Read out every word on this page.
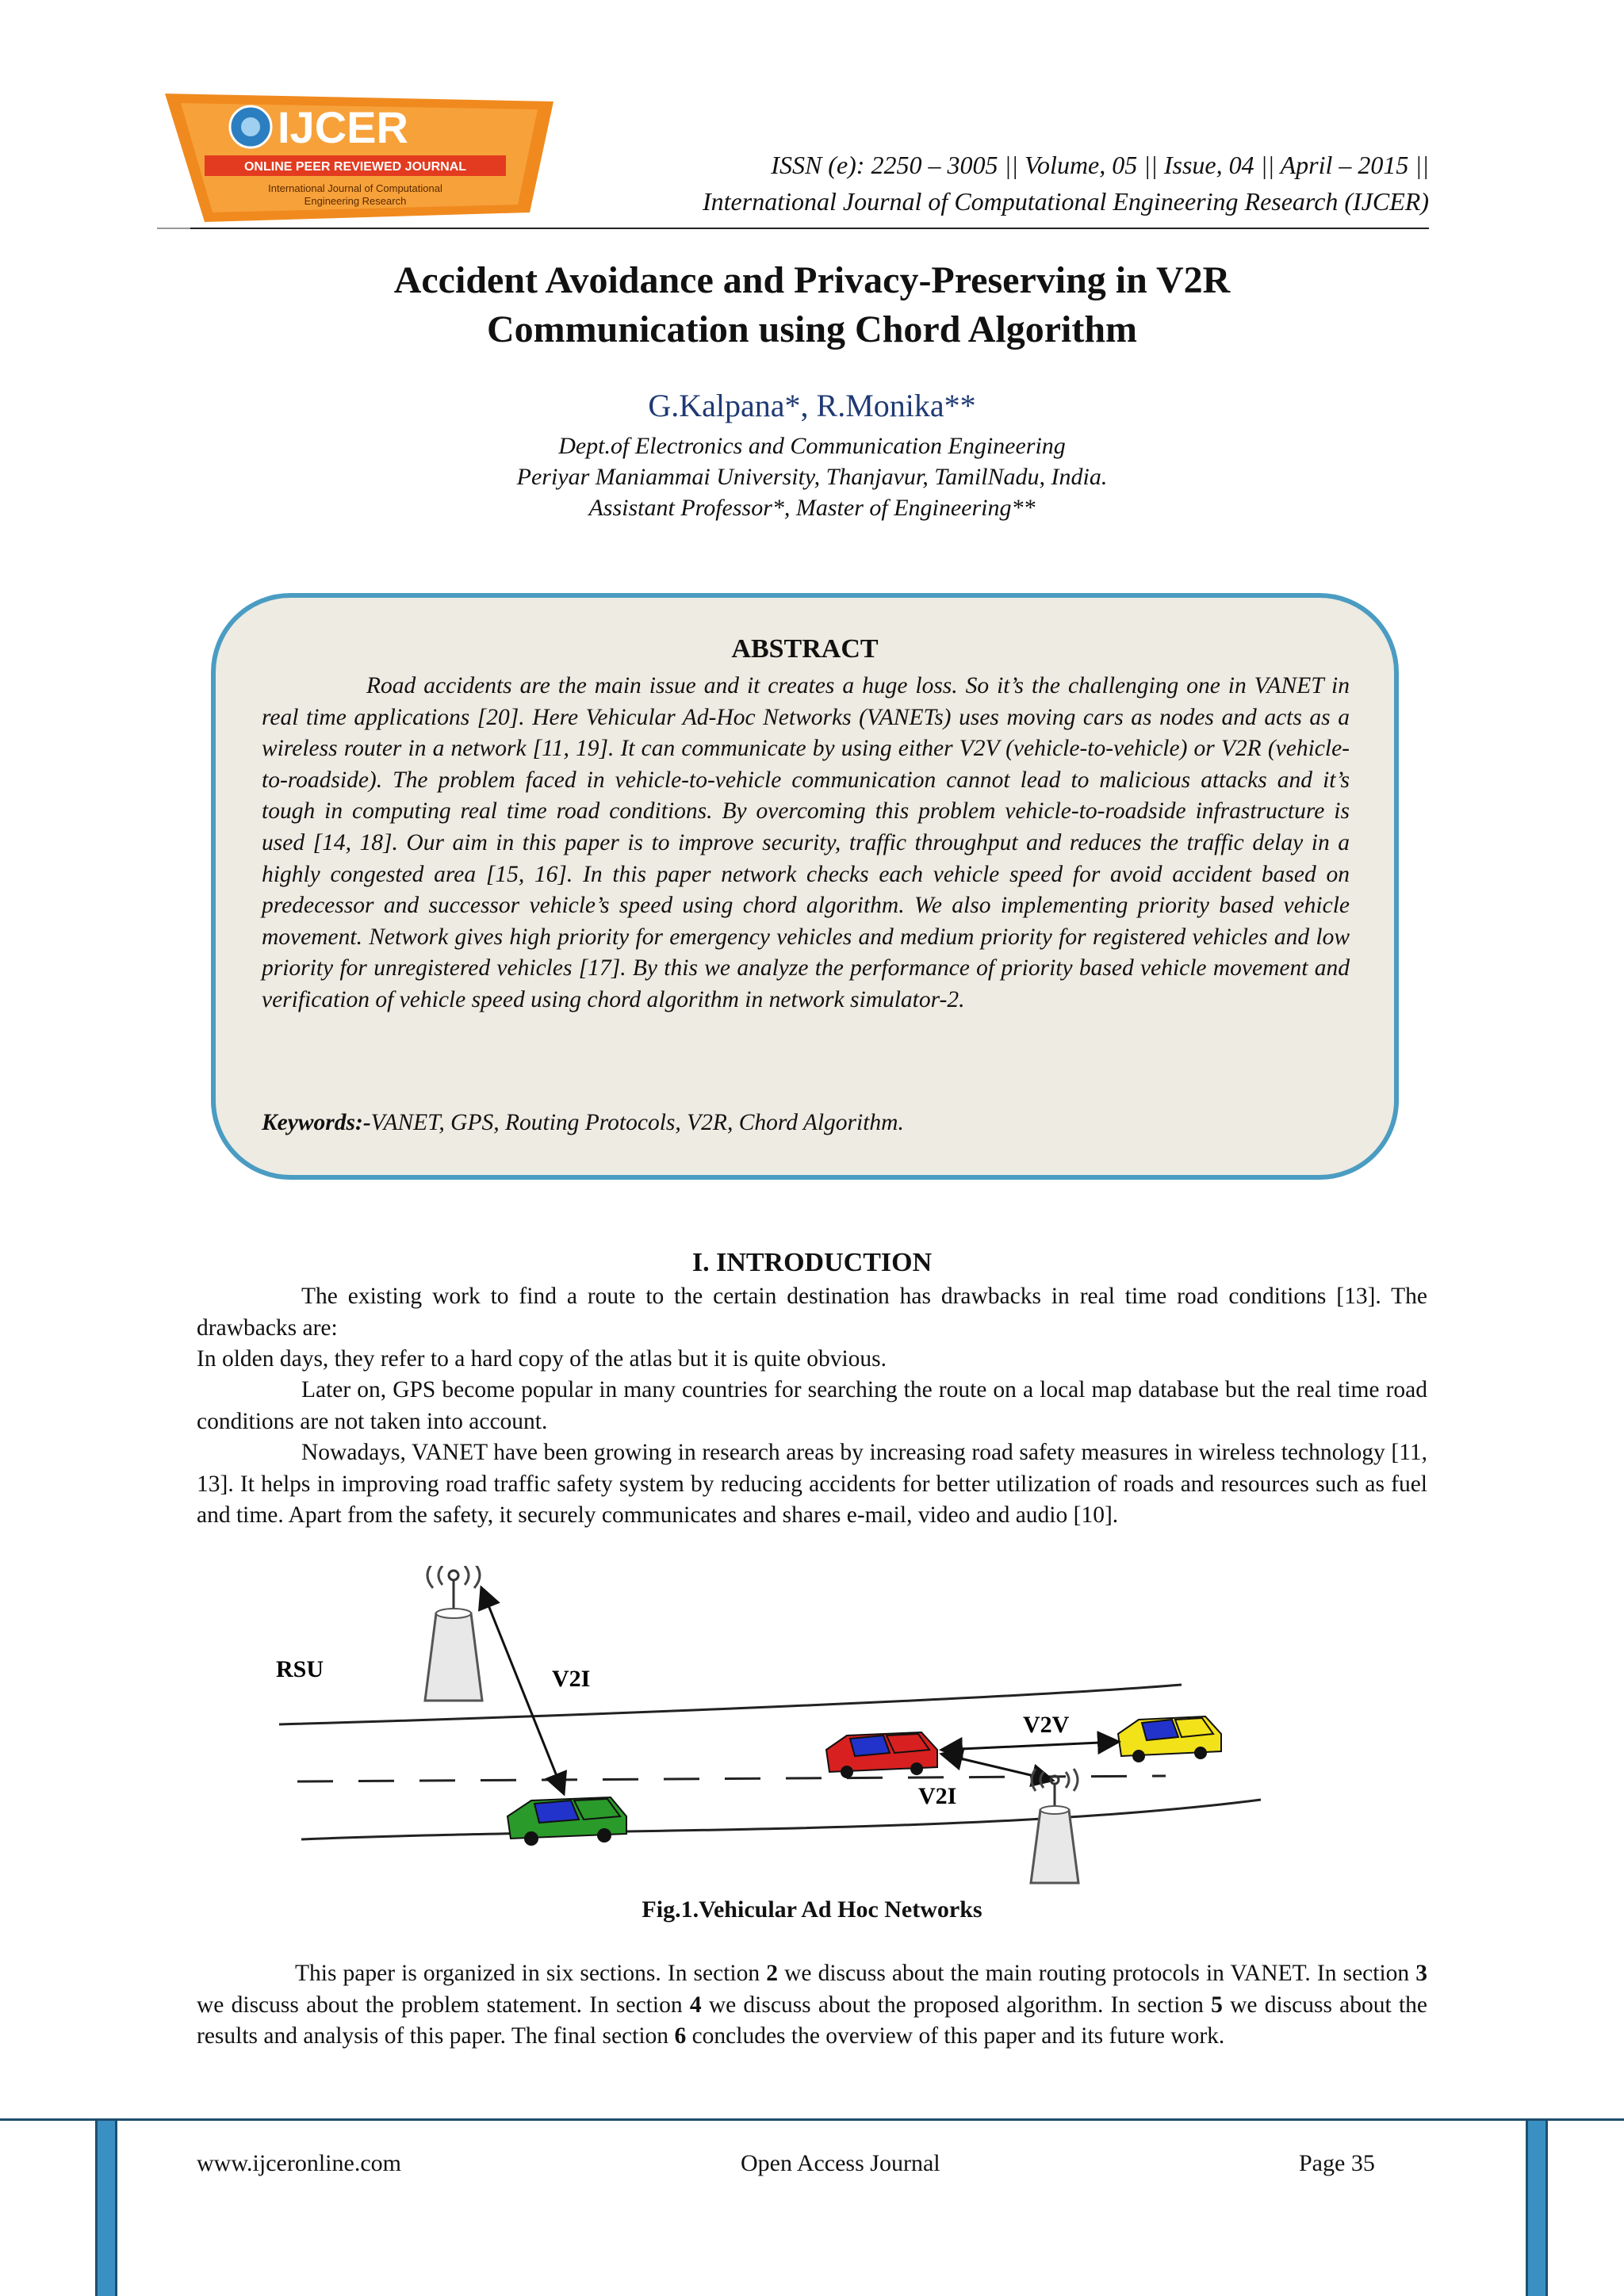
IJCER
ONLINE PEER REVIEWED JOURNAL
International Journal of Computational
Engineering Research
ISSN (e): 2250 – 3005 || Volume, 05 || Issue, 04 || April – 2015 ||
International Journal of Computational Engineering Research (IJCER)
Accident Avoidance and Privacy-Preserving in V2R
Communication using Chord Algorithm
G.Kalpana*, R.Monika**
Dept.of Electronics and Communication Engineering
Periyar Maniammai University, Thanjavur, TamilNadu, India.
Assistant Professor*, Master of Engineering**
ABSTRACT
Road accidents are the main issue and it creates a huge loss. So it’s the challenging one in VANET in real time applications [20]. Here Vehicular Ad-Hoc Networks (VANETs) uses moving cars as nodes and acts as a wireless router in a network [11, 19]. It can communicate by using either V2V (vehicle-to-vehicle) or V2R (vehicle-to-roadside). The problem faced in vehicle-to-vehicle communication cannot lead to malicious attacks and it’s tough in computing real time road conditions. By overcoming this problem vehicle-to-roadside infrastructure is used [14, 18]. Our aim in this paper is to improve security, traffic throughput and reduces the traffic delay in a highly congested area [15, 16]. In this paper network checks each vehicle speed for avoid accident based on predecessor and successor vehicle’s speed using chord algorithm. We also implementing priority based vehicle movement. Network gives high priority for emergency vehicles and medium priority for registered vehicles and low priority for unregistered vehicles [17]. By this we analyze the performance of priority based vehicle movement and verification of vehicle speed using chord algorithm in network simulator-2.
Keywords:-VANET, GPS, Routing Protocols, V2R, Chord Algorithm.
I. INTRODUCTION
The existing work to find a route to the certain destination has drawbacks in real time road conditions [13]. The drawbacks are:
In olden days, they refer to a hard copy of the atlas but it is quite obvious.
Later on, GPS become popular in many countries for searching the route on a local map database but the real time road conditions are not taken into account.
Nowadays, VANET have been growing in research areas by increasing road safety measures in wireless technology [11, 13]. It helps in improving road traffic safety system by reducing accidents for better utilization of roads and resources such as fuel and time. Apart from the safety, it securely communicates and shares e-mail, video and audio [10].
RSU	V2I
V2V
V2I
Fig.1.Vehicular Ad Hoc Networks
This paper is organized in six sections. In section 2 we discuss about the main routing protocols in VANET. In section 3 we discuss about the problem statement. In section 4 we discuss about the proposed algorithm. In section 5 we discuss about the results and analysis of this paper. The final section 6 concludes the overview of this paper and its future work.
www.ijceronline.com	Open Access Journal	Page 35
